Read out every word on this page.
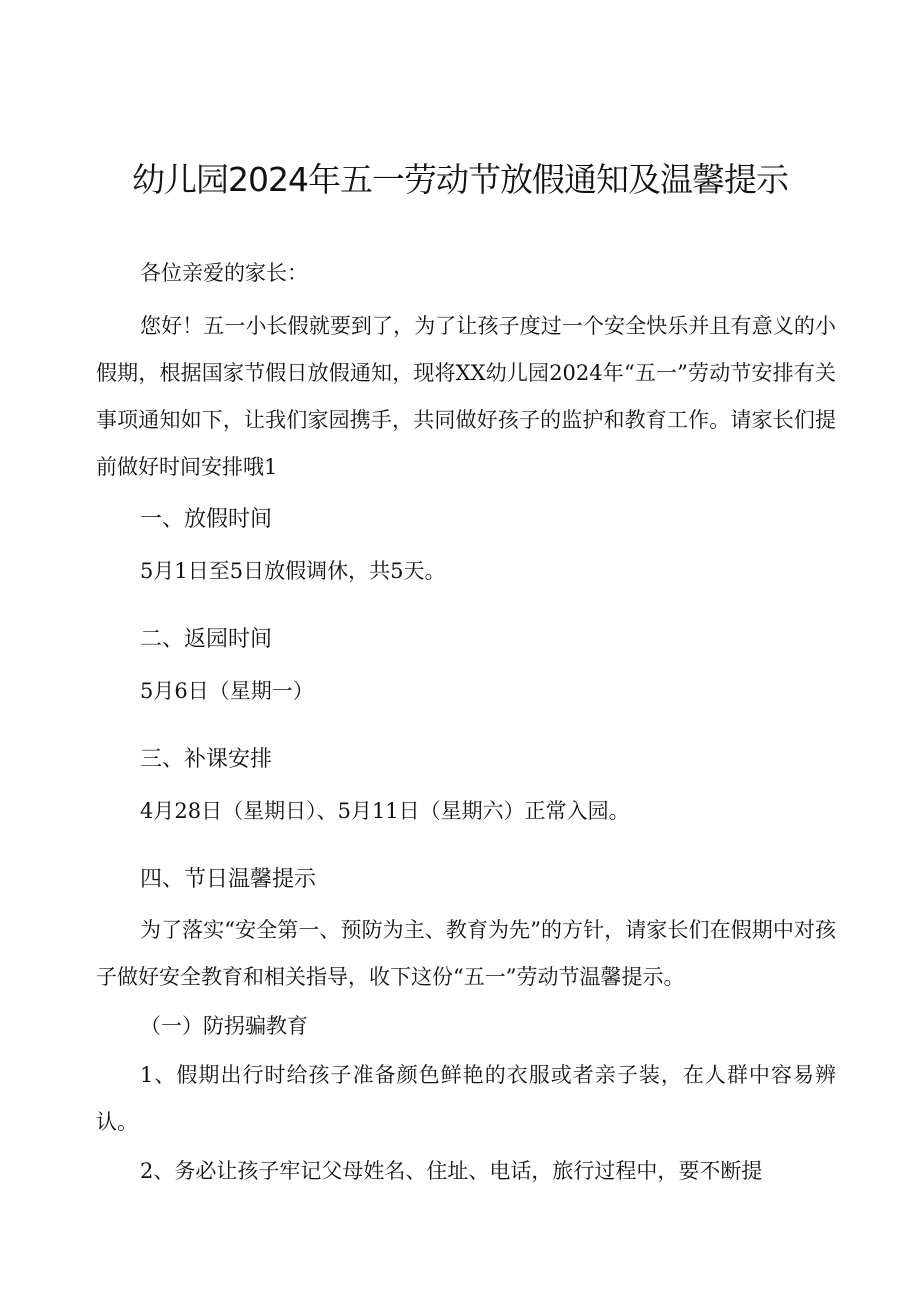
幼儿园2024年五一劳动节放假通知及温馨提示
各位亲爱的家长：
您好！五一小长假就要到了，为了让孩子度过一个安全快乐并且有意义的小假期，根据国家节假日放假通知，现将XX幼儿园2024年“五一”劳动节安排有关事项通知如下，让我们家园携手，共同做好孩子的监护和教育工作。请家长们提前做好时间安排哦1
一、放假时间
5月1日至5日放假调休，共5天。
二、返园时间
5月6日（星期一）
三、补课安排
4月28日（星期日）、5月11日（星期六）正常入园。
四、节日温馨提示
为了落实“安全第一、预防为主、教育为先”的方针，请家长们在假期中对孩子做好安全教育和相关指导，收下这份“五一”劳动节温馨提示。
（一）防拐骗教育
1、假期出行时给孩子准备颜色鲜艳的衣服或者亲子装，在人群中容易辨认。
2、务必让孩子牢记父母姓名、住址、电话，旅行过程中，要不断提
